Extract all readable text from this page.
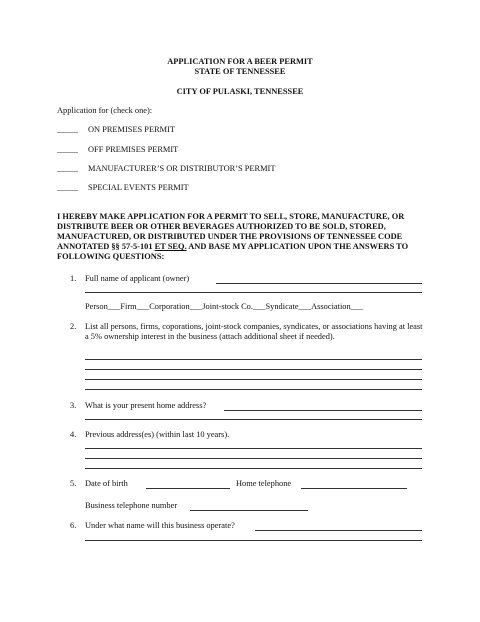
APPLICATION FOR A BEER PERMIT
STATE OF TENNESSEE
CITY OF PULASKI, TENNESSEE
Application for (check one):
_____ ON PREMISES PERMIT
_____ OFF PREMISES PERMIT
_____ MANUFACTURER’S OR DISTRIBUTOR’S PERMIT
_____ SPECIAL EVENTS PERMIT
I HEREBY MAKE APPLICATION FOR A PERMIT TO SELL, STORE, MANUFACTURE, OR DISTRIBUTE BEER OR OTHER BEVERAGES AUTHORIZED TO BE SOLD, STORED, MANUFACTURED, OR DISTRIBUTED UNDER THE PROVISIONS OF TENNESSEE CODE ANNOTATED §§ 57-5-101 ET SEQ. AND BASE MY APPLICATION UPON THE ANSWERS TO FOLLOWING QUESTIONS:
1. Full name of applicant (owner)
Person___Firm___Corporation___Joint-stock Co.___Syndicate___Association___
2. List all persons, firms, coporations, joint-stock companies, syndicates, or associations having at least a 5% ownership interest in the business (attach additional sheet if needed).
3. What is your present home address?
4. Previous address(es) (within last 10 years).
5. Date of birth	Home telephone
Business telephone number
6. Under what name will this business operate?
